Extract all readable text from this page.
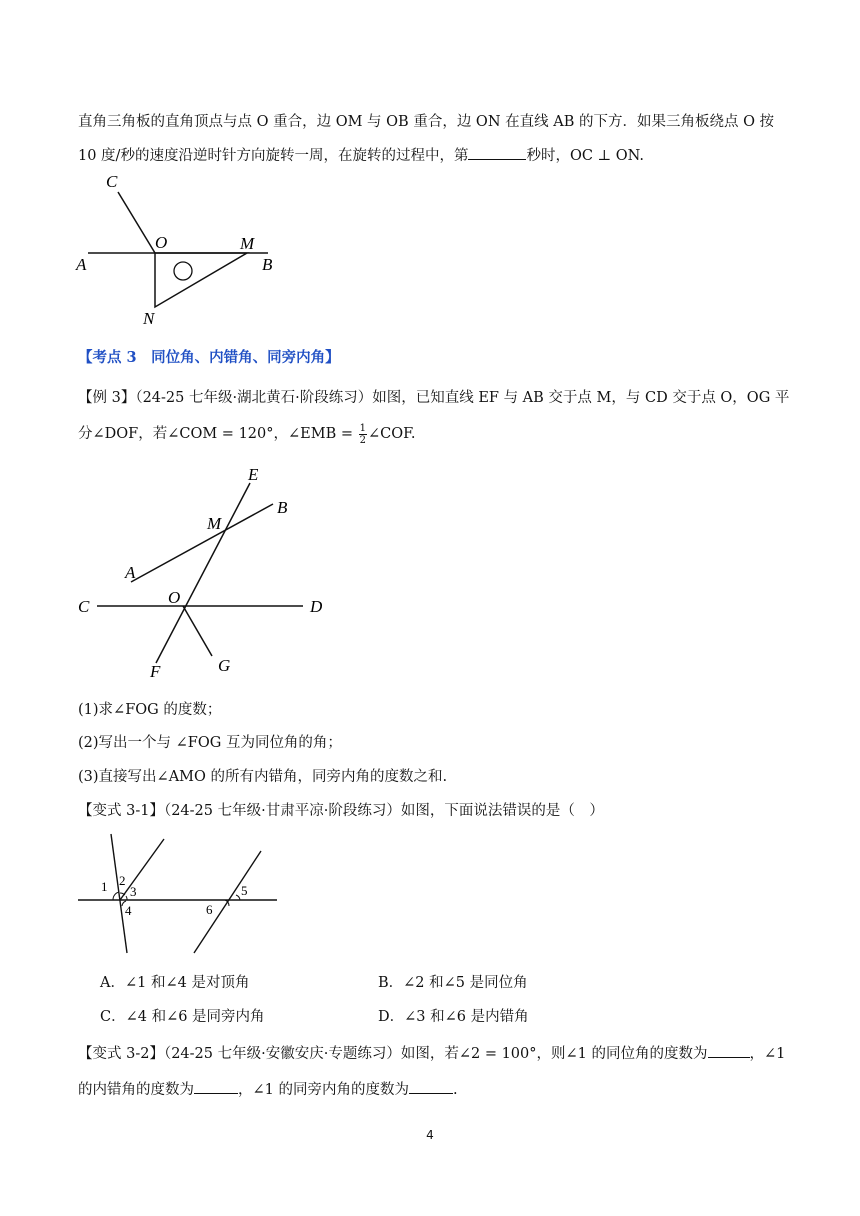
直角三角板的直角顶点与点 O 重合，边 OM 与 OB 重合，边 ON 在直线 AB 的下方．如果三角板绕点 O 按
10 度/秒的速度沿逆时针方向旋转一周，在旋转的过程中，第	秒时，OC ⊥ ON.
C
O	M
A	B
N
【考点 3　同位角、内错角、同旁内角】
【例 3】（24-25 七年级·湖北黄石·阶段练习）如图，已知直线 EF 与 AB 交于点 M，与 CD 交于点 O，OG 平
分∠DOF，若∠COM = 120°，∠EMB = $\frac{1}{2}$ ∠COF.
E
B
M
A
C	O	D
F	G
(1)求∠FOG 的度数；
(2)写出一个与 ∠FOG 互为同位角的角；
(3)直接写出∠AMO 的所有内错角，同旁内角的度数之和.
【变式 3-1】（24-25 七年级·甘肃平凉·阶段练习）如图，下面说法错误的是（　）
1 2
3
4
5
6
A．∠1 和∠4 是对顶角	B．∠2 和∠5 是同位角
C．∠4 和∠6 是同旁内角	D．∠3 和∠6 是内错角
【变式 3-2】（24-25 七年级·安徽安庆·专题练习）如图，若∠2 = 100°，则∠1 的同位角的度数为	，∠1
的内错角的度数为	，∠1 的同旁内角的度数为	.
4
